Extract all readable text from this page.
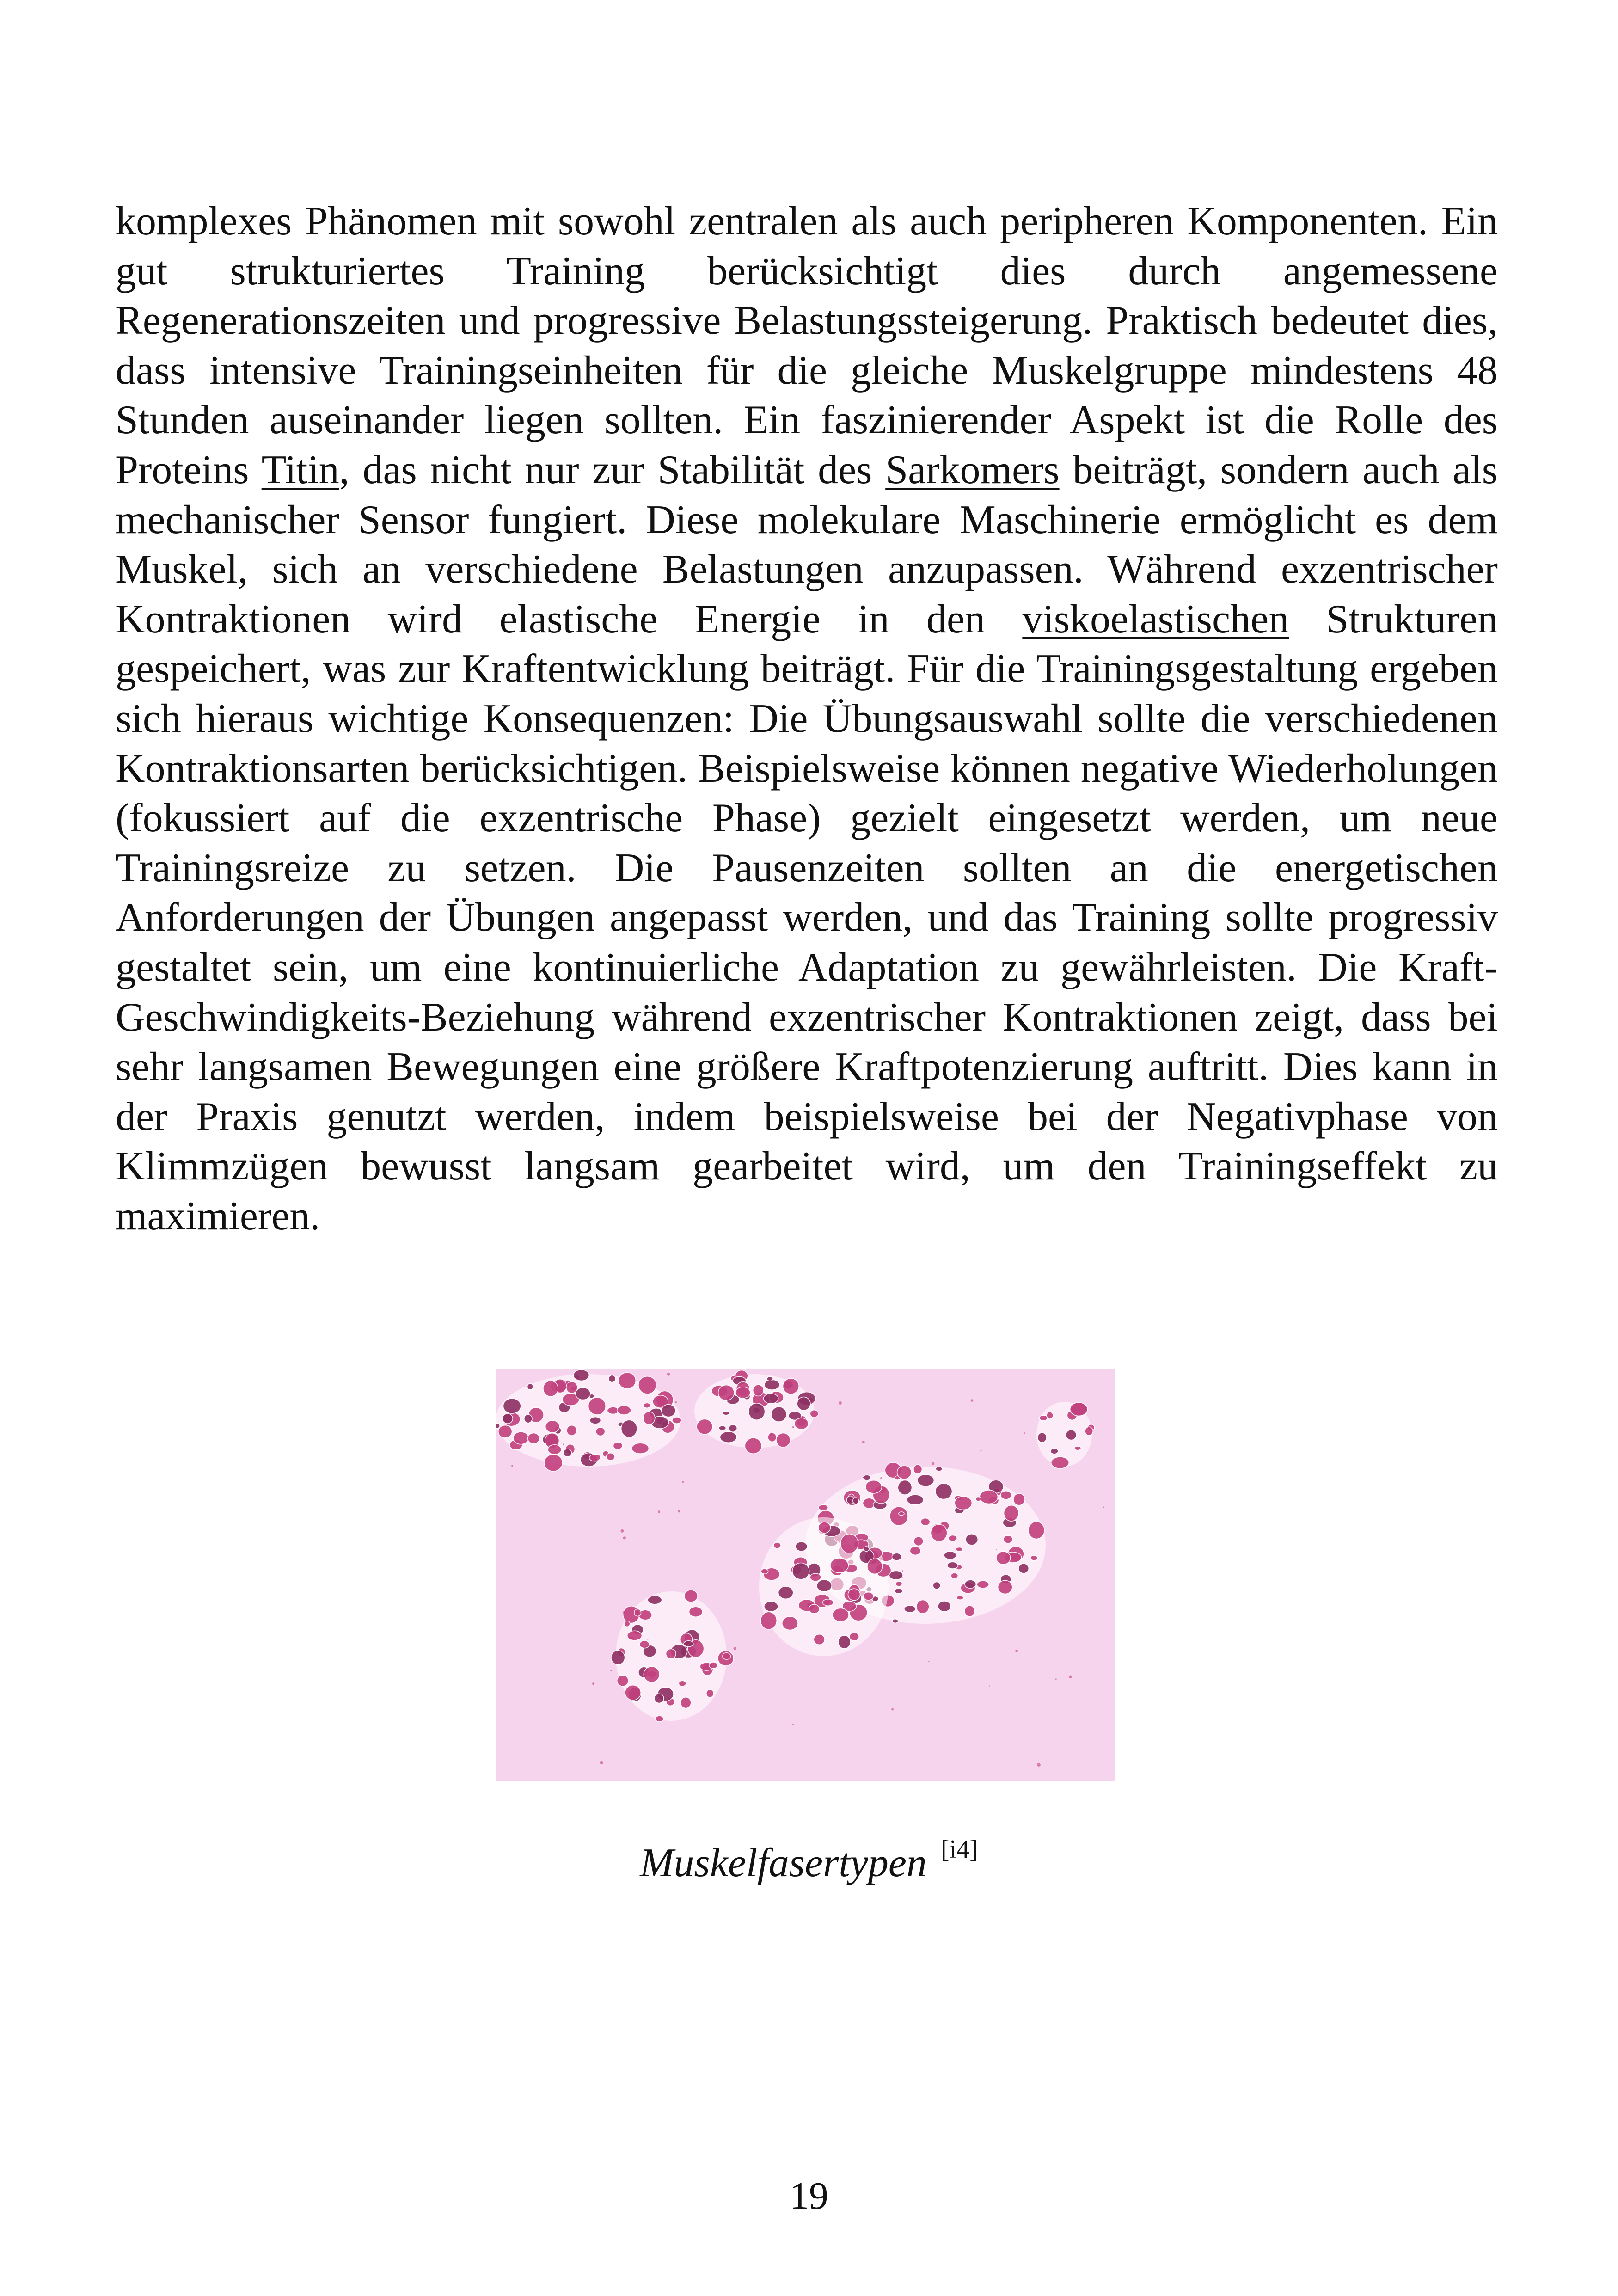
komplexes Phänomen mit sowohl zentralen als auch peripheren Komponenten. Ein gut strukturiertes Training berücksichtigt dies durch angemessene Regenerationszeiten und progressive Belastungssteigerung. Praktisch bedeutet dies, dass intensive Trainingseinheiten für die gleiche Muskelgruppe mindestens 48 Stunden auseinander liegen sollten. Ein faszinierender Aspekt ist die Rolle des Proteins Titin, das nicht nur zur Stabilität des Sarkomers beiträgt, sondern auch als mechanischer Sensor fungiert. Diese molekulare Maschinerie ermöglicht es dem Muskel, sich an verschiedene Belastungen anzupassen. Während exzentrischer Kontraktionen wird elastische Energie in den viskoelastischen Strukturen gespeichert, was zur Kraftentwicklung beiträgt. Für die Trainingsgestaltung ergeben sich hieraus wichtige Konsequenzen: Die Übungsauswahl sollte die verschiedenen Kontraktionsarten berücksichtigen. Beispielsweise können negative Wiederholungen (fokussiert auf die exzentrische Phase) gezielt eingesetzt werden, um neue Trainingsreize zu setzen. Die Pausenzeiten sollten an die energetischen Anforderungen der Übungen angepasst werden, und das Training sollte progressiv gestaltet sein, um eine kontinuierliche Adaptation zu gewährleisten. Die Kraft-Geschwindigkeits-Beziehung während exzentrischer Kontraktionen zeigt, dass bei sehr langsamen Bewegungen eine größere Kraftpotenzierung auftritt. Dies kann in der Praxis genutzt werden, indem beispielsweise bei der Negativphase von Klimmzügen bewusst langsam gearbeitet wird, um den Trainingseffekt zu maximieren.

Muskelfasertypen [i4]
19
